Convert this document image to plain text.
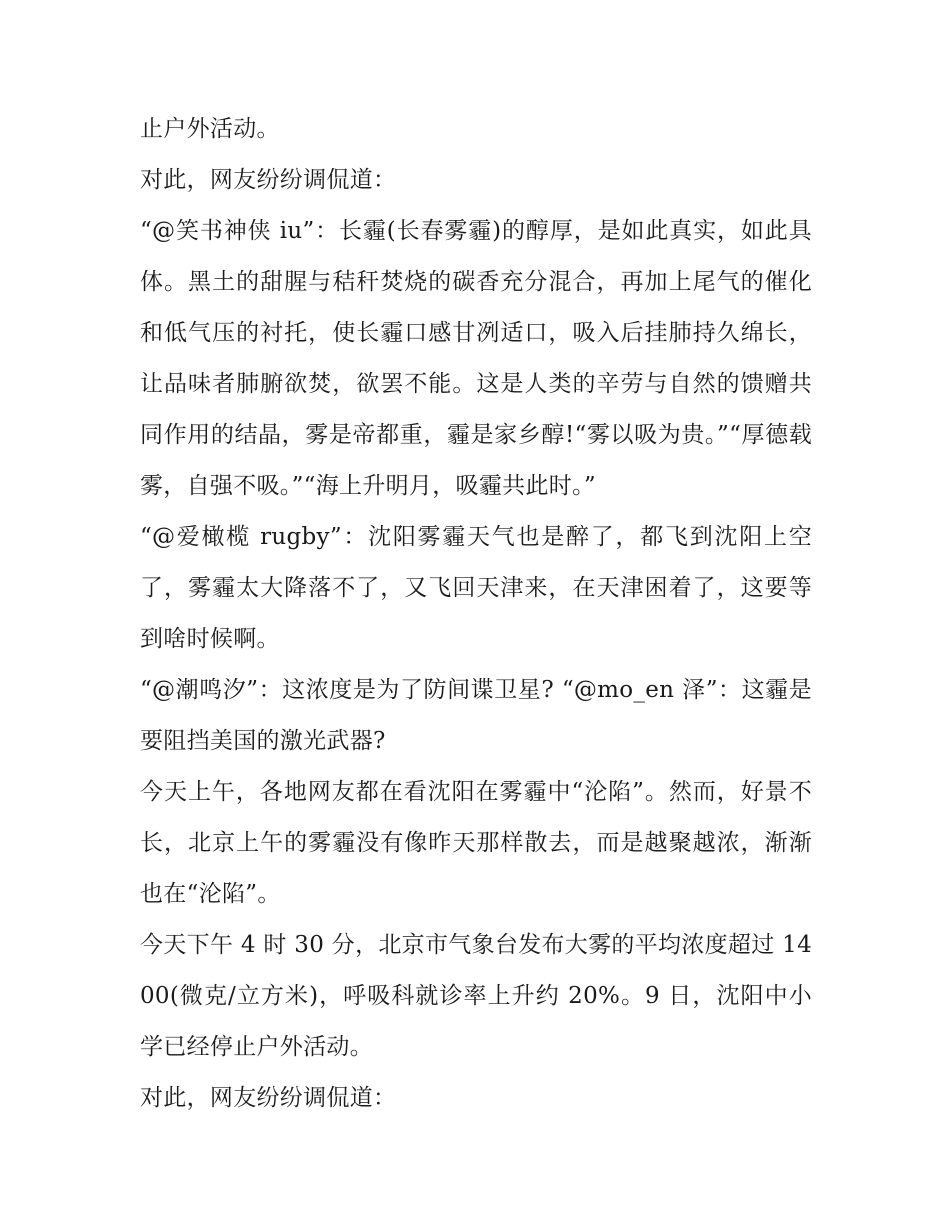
止户外活动。

对此，网友纷纷调侃道：

“@笑书神侠 iu”：长霾(长春雾霾)的醇厚，是如此真实，如此具体。黑土的甜腥与秸秆焚烧的碳香充分混合，再加上尾气的催化和低气压的衬托，使长霾口感甘冽适口，吸入后挂肺持久绵长，让品味者肺腑欲焚，欲罢不能。这是人类的辛劳与自然的馈赠共同作用的结晶，雾是帝都重，霾是家乡醇!“雾以吸为贵。”“厚德载雾，自强不吸。”“海上升明月，吸霾共此时。”

“@爱橄榄 rugby”：沈阳雾霾天气也是醉了，都飞到沈阳上空了，雾霾太大降落不了，又飞回天津来，在天津困着了，这要等到啥时候啊。

“@潮鸣汐”：这浓度是为了防间谍卫星? “@mo_en 泽”：这霾是要阻挡美国的激光武器?

今天上午，各地网友都在看沈阳在雾霾中“沦陷”。然而，好景不长，北京上午的雾霾没有像昨天那样散去，而是越聚越浓，渐渐也在“沦陷”。

今天下午 4 时 30 分，北京市气象台发布大雾的平均浓度超过 1400(微克/立方米)，呼吸科就诊率上升约 20%。9 日，沈阳中小学已经停止户外活动。

对此，网友纷纷调侃道：
